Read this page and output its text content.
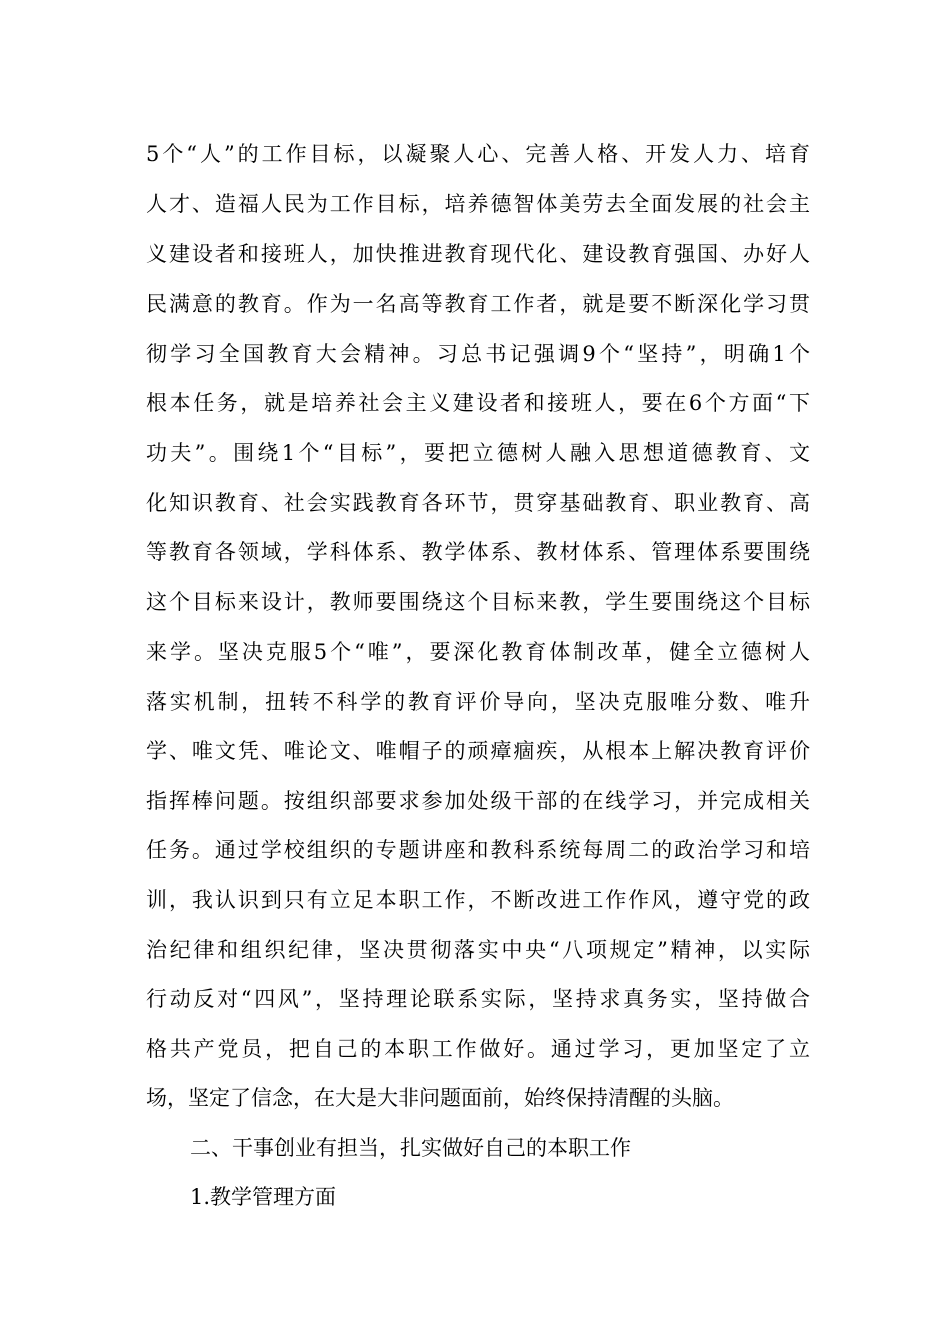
5个“人”的工作目标，以凝聚人心、完善人格、开发人力、培育
人才、造福人民为工作目标，培养德智体美劳去全面发展的社会主
义建设者和接班人，加快推进教育现代化、建设教育强国、办好人
民满意的教育。作为一名高等教育工作者，就是要不断深化学习贯
彻学习全国教育大会精神。习总书记强调9个“坚持”，明确1个
根本任务，就是培养社会主义建设者和接班人，要在6个方面“下
功夫”。围绕1个“目标”，要把立德树人融入思想道德教育、文
化知识教育、社会实践教育各环节，贯穿基础教育、职业教育、高
等教育各领域，学科体系、教学体系、教材体系、管理体系要围绕
这个目标来设计，教师要围绕这个目标来教，学生要围绕这个目标
来学。坚决克服5个“唯”，要深化教育体制改革，健全立德树人
落实机制，扭转不科学的教育评价导向，坚决克服唯分数、唯升
学、唯文凭、唯论文、唯帽子的顽瘴痼疾，从根本上解决教育评价
指挥棒问题。按组织部要求参加处级干部的在线学习，并完成相关
任务。通过学校组织的专题讲座和教科系统每周二的政治学习和培
训，我认识到只有立足本职工作，不断改进工作作风，遵守党的政
治纪律和组织纪律，坚决贯彻落实中央“八项规定”精神，以实际
行动反对“四风”，坚持理论联系实际，坚持求真务实，坚持做合
格共产党员，把自己的本职工作做好。通过学习，更加坚定了立
场，坚定了信念，在大是大非问题面前，始终保持清醒的头脑。
二、干事创业有担当，扎实做好自己的本职工作
1.教学管理方面
